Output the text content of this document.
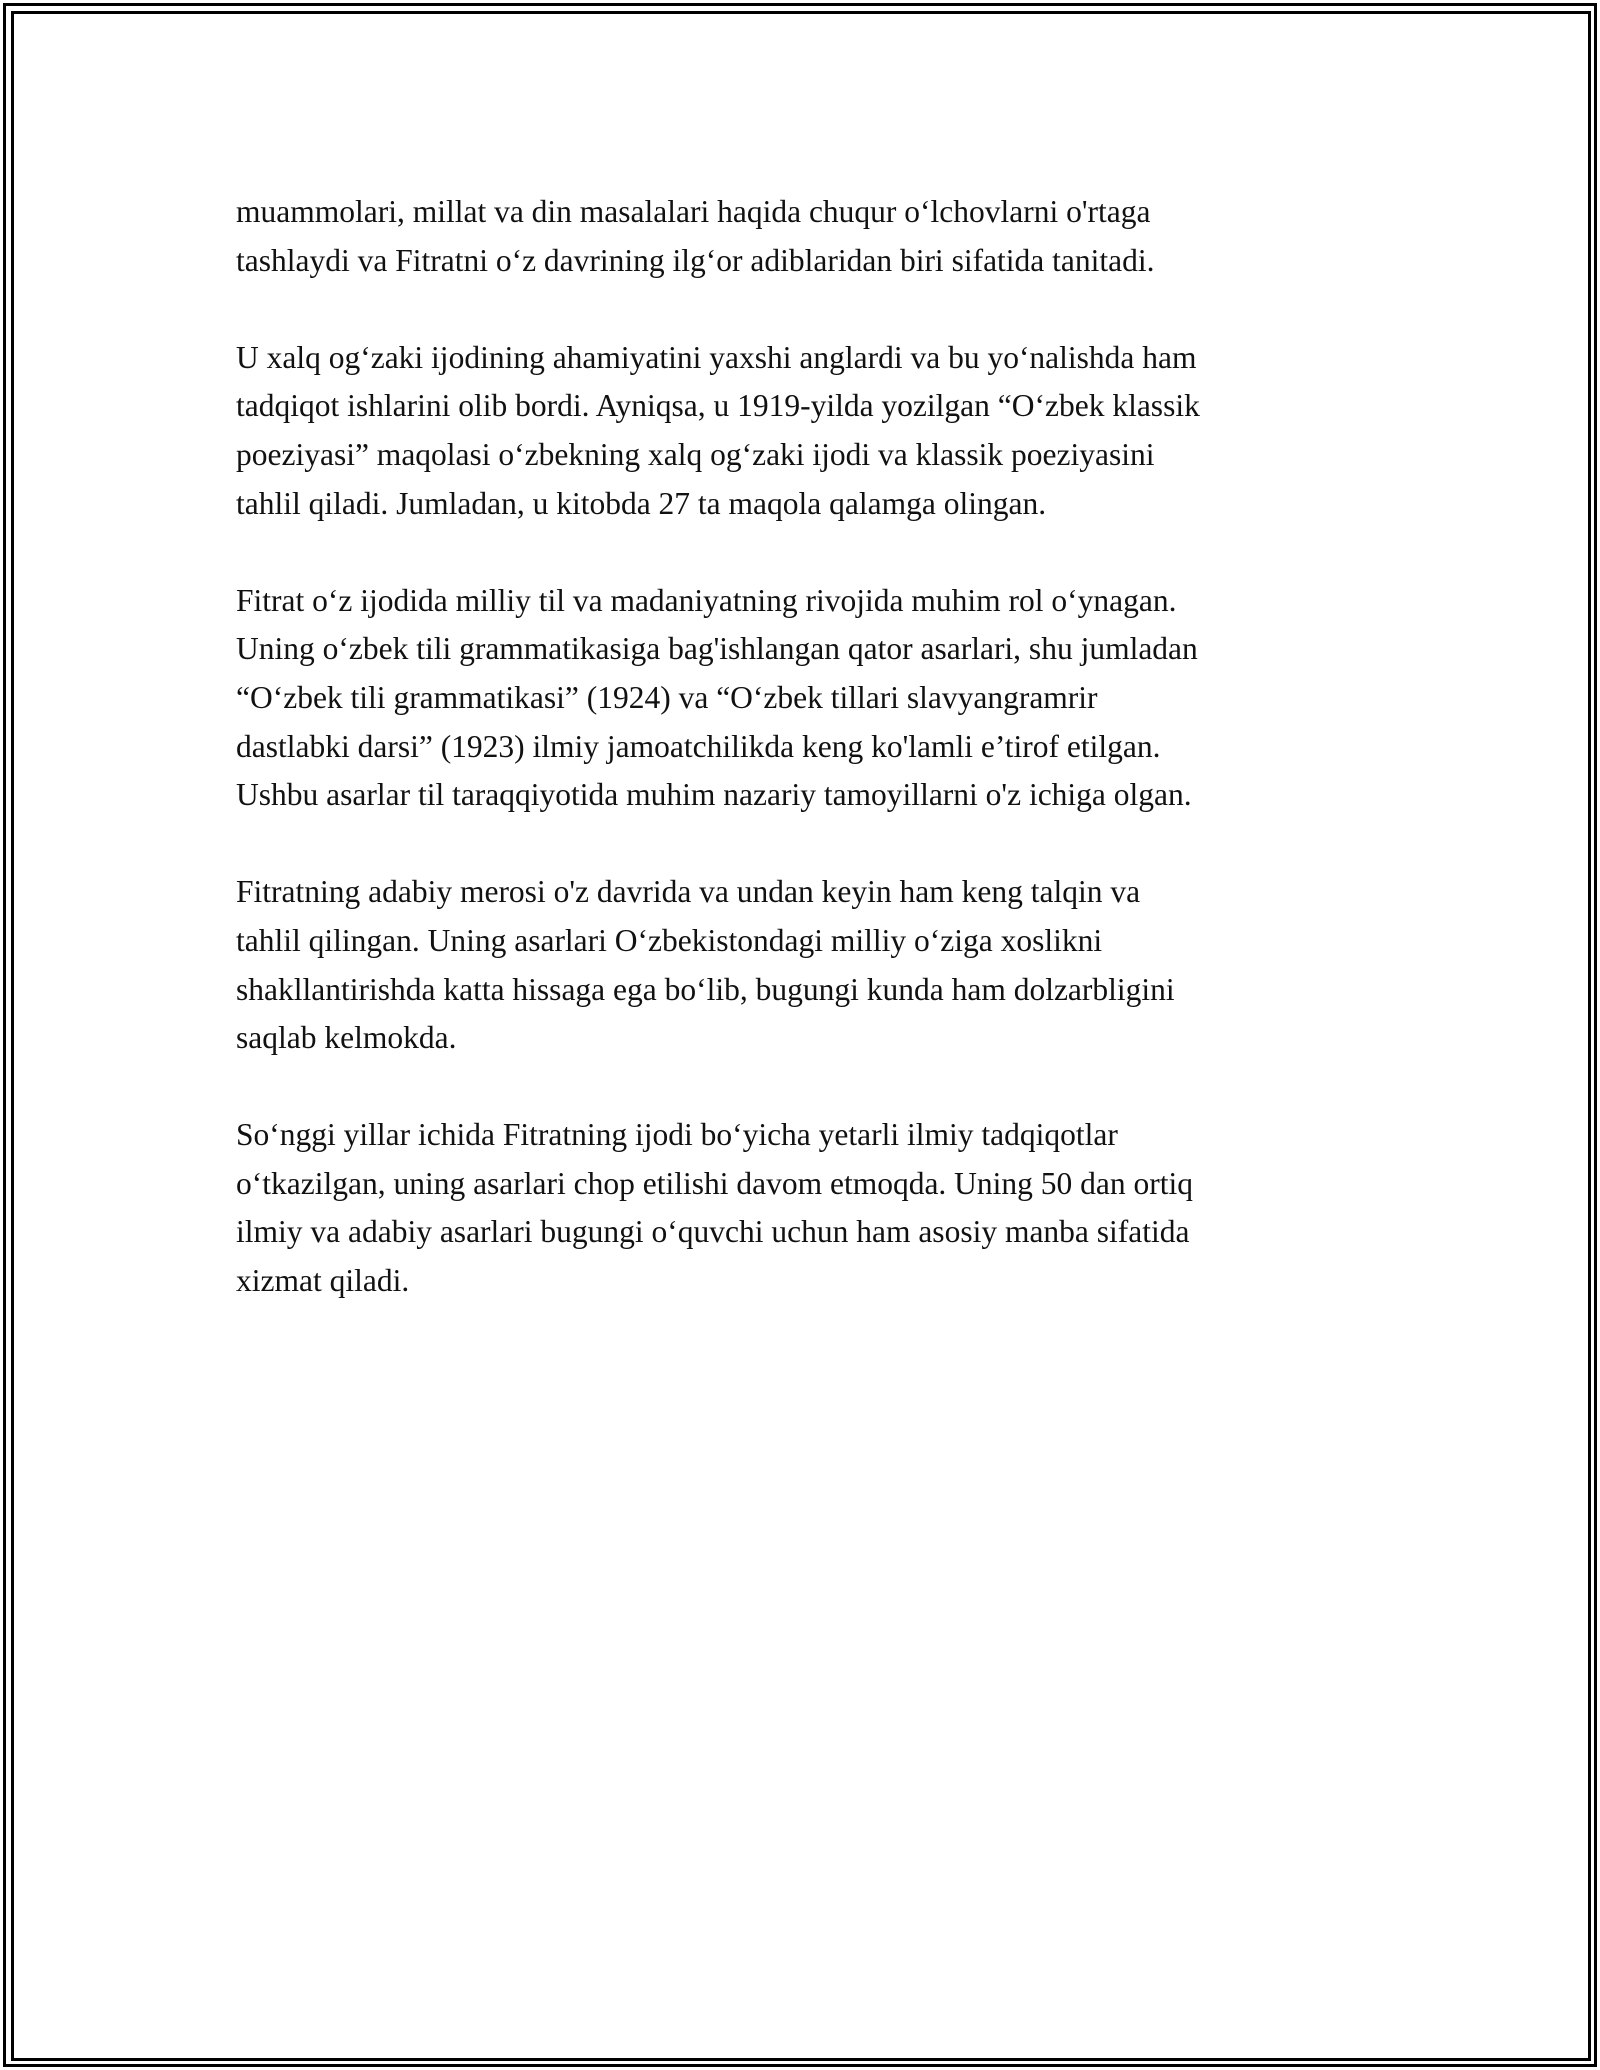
muammolari, millat va din masalalari haqida chuqur o‘lchovlarni o'rtaga
tashlaydi va Fitratni o‘z davrining ilg‘or adiblaridan biri sifatida tanitadi.

U xalq og‘zaki ijodining ahamiyatini yaxshi anglardi va bu yo‘nalishda ham
tadqiqot ishlarini olib bordi. Ayniqsa, u 1919-yilda yozilgan “O‘zbek klassik
poeziyasi” maqolasi o‘zbekning xalq og‘zaki ijodi va klassik poeziyasini
tahlil qiladi. Jumladan, u kitobda 27 ta maqola qalamga olingan.

Fitrat o‘z ijodida milliy til va madaniyatning rivojida muhim rol o‘ynagan.
Uning o‘zbek tili grammatikasiga bag'ishlangan qator asarlari, shu jumladan
“O‘zbek tili grammatikasi” (1924) va “O‘zbek tillari slavyangramrir
dastlabki darsi” (1923) ilmiy jamoatchilikda keng ko'lamli e’tirof etilgan.
Ushbu asarlar til taraqqiyotida muhim nazariy tamoyillarni o'z ichiga olgan.

Fitratning adabiy merosi o'z davrida va undan keyin ham keng talqin va
tahlil qilingan. Uning asarlari O‘zbekistondagi milliy o‘ziga xoslikni
shakllantirishda katta hissaga ega bo‘lib, bugungi kunda ham dolzarbligini
saqlab kelmokda.

So‘nggi yillar ichida Fitratning ijodi bo‘yicha yetarli ilmiy tadqiqotlar
o‘tkazilgan, uning asarlari chop etilishi davom etmoqda. Uning 50 dan ortiq
ilmiy va adabiy asarlari bugungi o‘quvchi uchun ham asosiy manba sifatida
xizmat qiladi.
